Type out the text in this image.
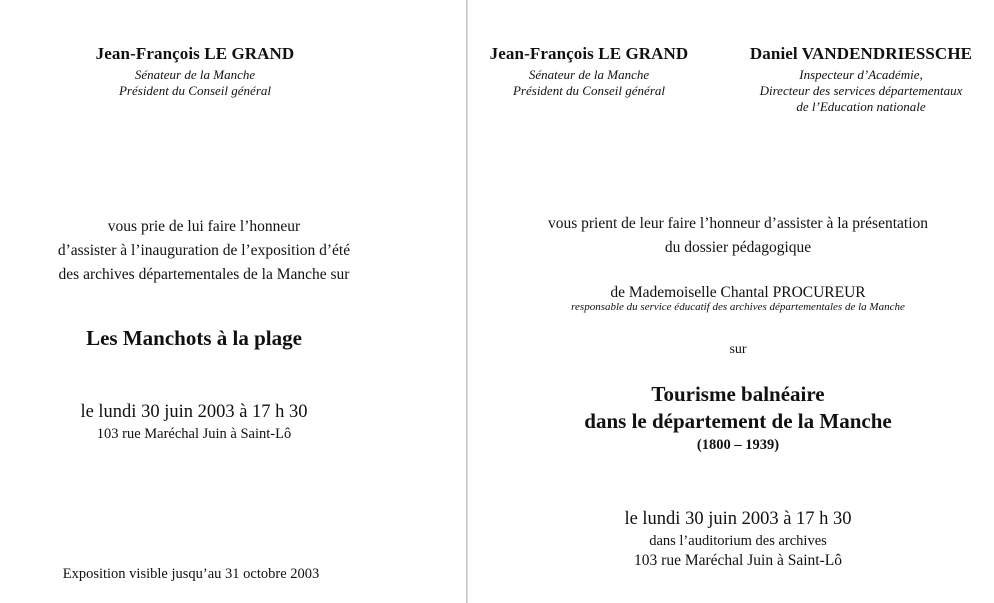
Jean-François LE GRAND
Sénateur de la Manche
Président du Conseil général
vous prie de lui faire l’honneur
d’assister à l’inauguration de l’exposition d’été
des archives départementales de la Manche sur
Les Manchots à la plage
le lundi 30 juin 2003 à 17 h 30
103 rue Maréchal Juin à Saint-Lô
Exposition visible jusqu’au 31 octobre 2003
Jean-François LE GRAND
Sénateur de la Manche
Président du Conseil général
Daniel VANDENDRIESSCHE
Inspecteur d’Académie,
Directeur des services départementaux
de l’Education nationale
vous prient de leur faire l’honneur d’assister à la présentation
du dossier pédagogique
de Mademoiselle Chantal PROCUREUR
responsable du service éducatif des archives départementales de la Manche
sur
Tourisme balnéaire
dans le département de la Manche
(1800 – 1939)
le lundi 30 juin 2003 à 17 h 30
dans l’auditorium des archives
103 rue Maréchal Juin à Saint-Lô
